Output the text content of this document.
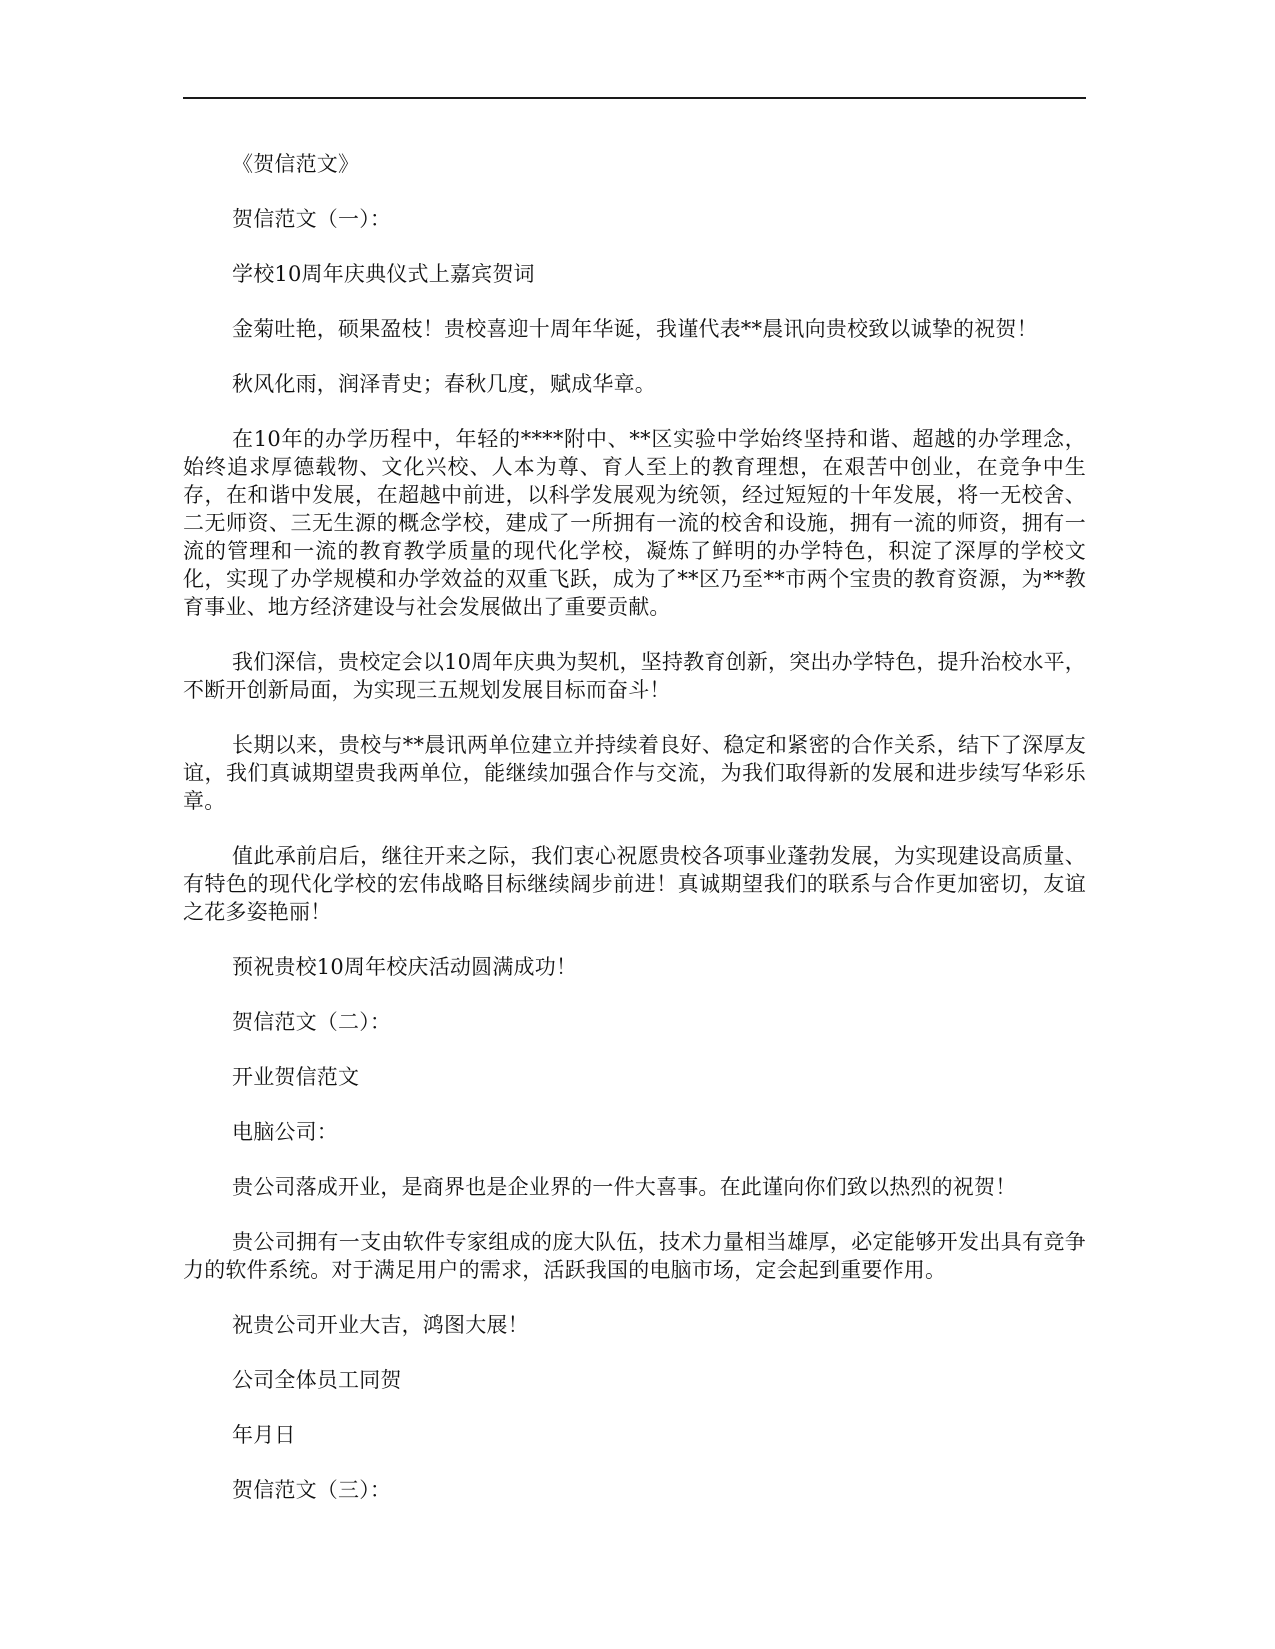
《贺信范文》

贺信范文（一）：

学校10周年庆典仪式上嘉宾贺词

金菊吐艳，硕果盈枝！贵校喜迎十周年华诞，我谨代表**晨讯向贵校致以诚挚的祝贺！

秋风化雨，润泽青史；春秋几度，赋成华章。

在10年的办学历程中，年轻的****附中、**区实验中学始终坚持和谐、超越的办学理念，始终追求厚德载物、文化兴校、人本为尊、育人至上的教育理想，在艰苦中创业，在竞争中生存，在和谐中发展，在超越中前进，以科学发展观为统领，经过短短的十年发展，将一无校舍、二无师资、三无生源的概念学校，建成了一所拥有一流的校舍和设施，拥有一流的师资，拥有一流的管理和一流的教育教学质量的现代化学校，凝炼了鲜明的办学特色，积淀了深厚的学校文化，实现了办学规模和办学效益的双重飞跃，成为了**区乃至**市两个宝贵的教育资源，为**教育事业、地方经济建设与社会发展做出了重要贡献。

我们深信，贵校定会以10周年庆典为契机，坚持教育创新，突出办学特色，提升治校水平，不断开创新局面，为实现三五规划发展目标而奋斗！

长期以来，贵校与**晨讯两单位建立并持续着良好、稳定和紧密的合作关系，结下了深厚友谊，我们真诚期望贵我两单位，能继续加强合作与交流，为我们取得新的发展和进步续写华彩乐章。

值此承前启后，继往开来之际，我们衷心祝愿贵校各项事业蓬勃发展，为实现建设高质量、有特色的现代化学校的宏伟战略目标继续阔步前进！真诚期望我们的联系与合作更加密切，友谊之花多姿艳丽！

预祝贵校10周年校庆活动圆满成功！

贺信范文（二）：

开业贺信范文

电脑公司：

贵公司落成开业，是商界也是企业界的一件大喜事。在此谨向你们致以热烈的祝贺！

贵公司拥有一支由软件专家组成的庞大队伍，技术力量相当雄厚，必定能够开发出具有竞争力的软件系统。对于满足用户的需求，活跃我国的电脑市场，定会起到重要作用。

祝贵公司开业大吉，鸿图大展！

公司全体员工同贺

年月日

贺信范文（三）：
